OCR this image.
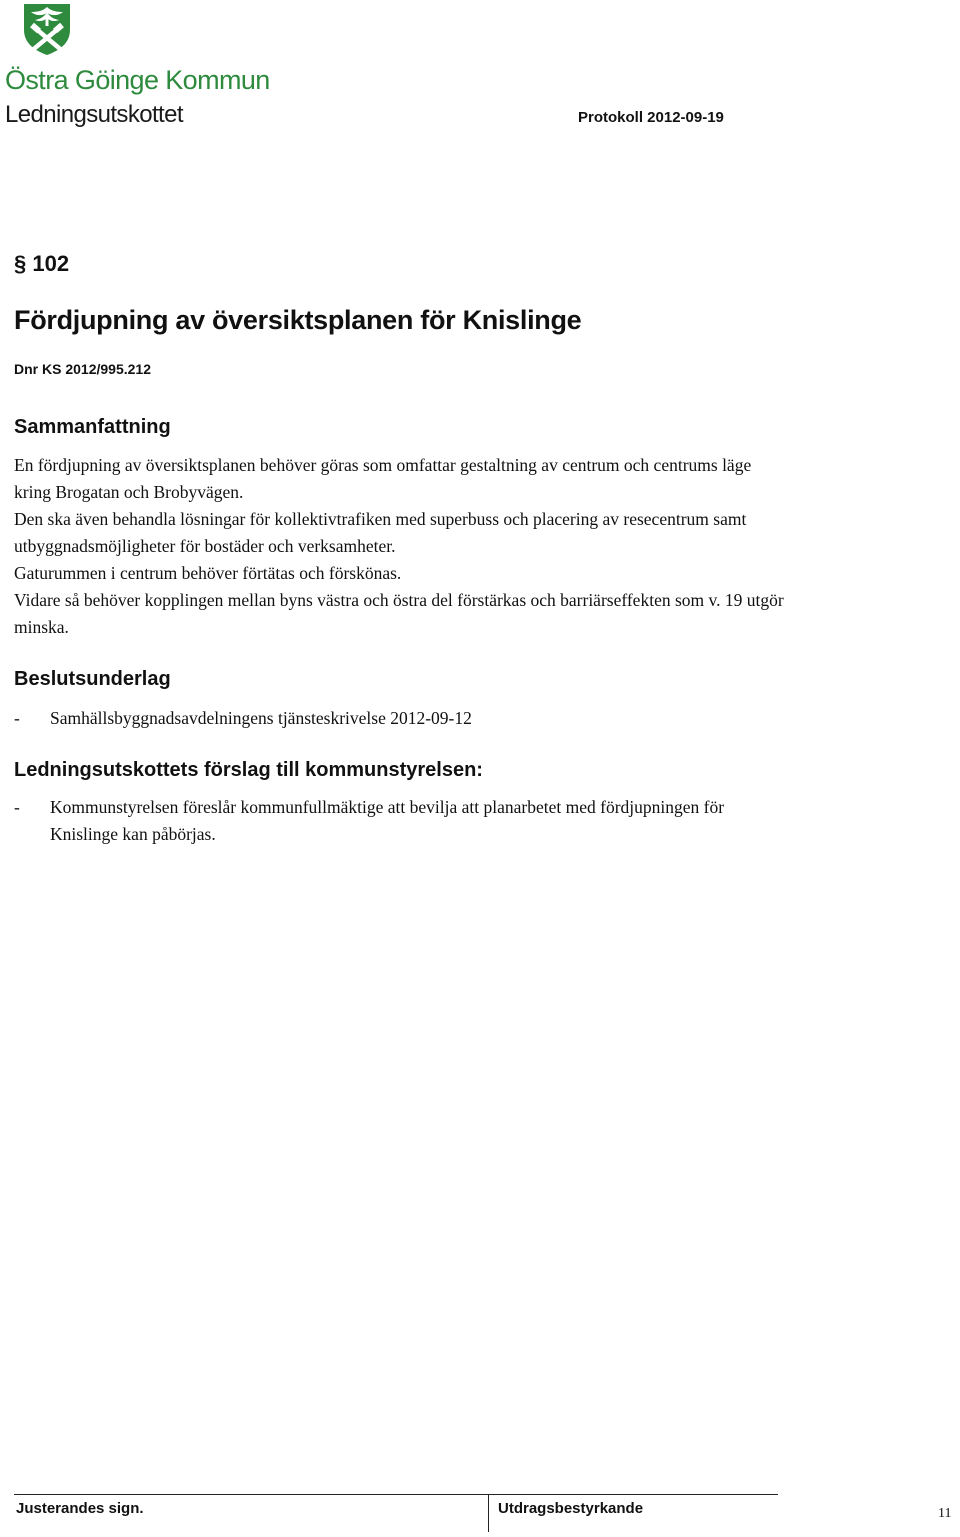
Östra Göinge Kommun
Ledningsutskottet	Protokoll 2012-09-19
§ 102
Fördjupning av översiktsplanen för Knislinge
Dnr KS 2012/995.212
Sammanfattning

En fördjupning av översiktsplanen behöver göras som omfattar gestaltning av centrum och centrums läge kring Brogatan och Brobyvägen.

Den ska även behandla lösningar för kollektivtrafiken med superbuss och placering av resecentrum samt utbyggnadsmöjligheter för bostäder och verksamheter.

Gaturummen i centrum behöver förtätas och förskönas.

Vidare så behöver kopplingen mellan byns västra och östra del förstärkas och barriärseffekten som v. 19 utgör minska.

Beslutsunderlag
-	Samhällsbyggnadsavdelningens tjänsteskrivelse 2012-09-12
Ledningsutskottets förslag till kommunstyrelsen:
-	Kommunstyrelsen föreslår kommunfullmäktige att bevilja att planarbetet med fördjupningen för Knislinge kan påbörjas.
Justerandes sign.	Utdragsbestyrkande	11
